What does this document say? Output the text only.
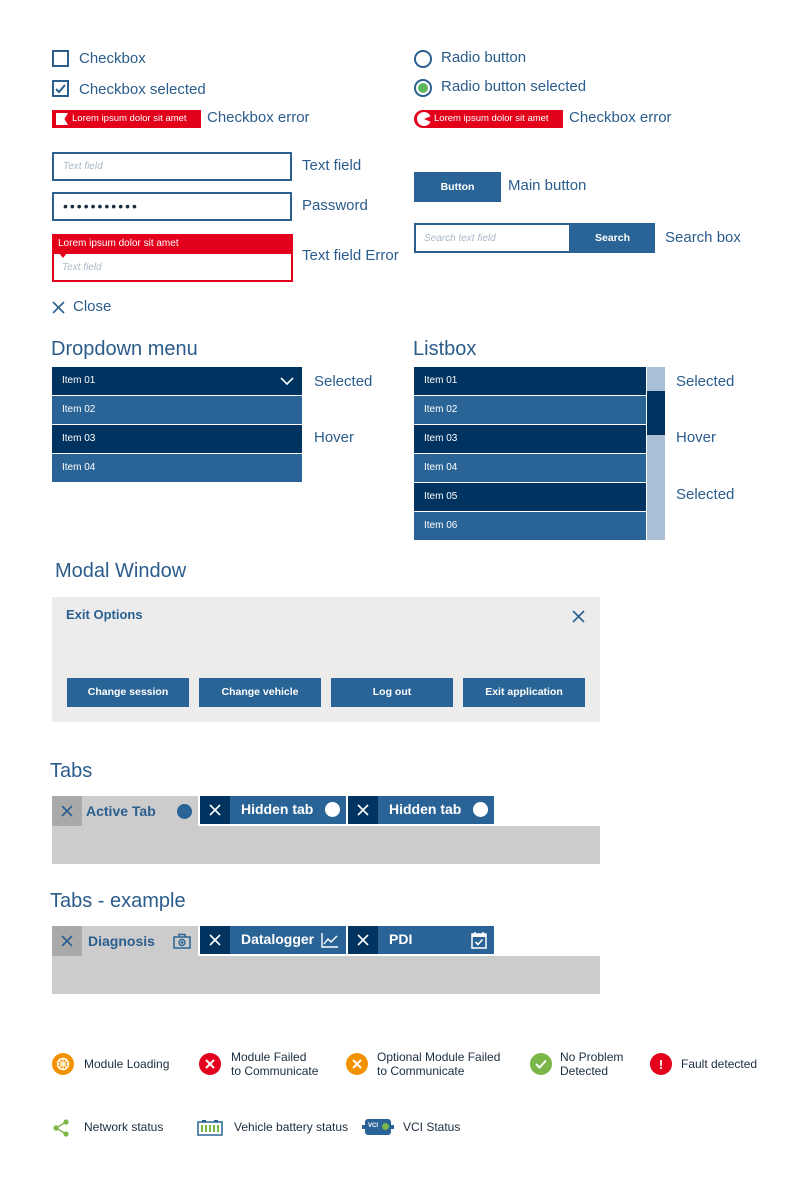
Checkbox
Checkbox selected
Lorem ipsum dolor sit amet Checkbox error
Radio button
Radio button selected
Lorem ipsum dolor sit amet Checkbox error
Text field	Text field
•••••••••••	Password
Lorem ipsum dolor sit amet
Text field
Text field Error
Close
Button	Main button
Search text field	Search	Search box
Dropdown menu
Item 01
Item 02
Item 03
Item 04
Selected
Hover
Listbox
Item 01
Item 02
Item 03
Item 04
Item 05
Item 06
Selected
Hover
Selected
Modal Window
Exit Options
Change session	Change vehicle	Log out	Exit application
Tabs
Active Tab	Hidden tab	Hidden tab
Tabs - example
Diagnosis	Datalogger	PDI
Module Loading	Module Failed
to Communicate
Optional Module Failed
to Communicate
No Problem
Detected	!	Fault detected
Network status	Vehicle battery status	VCI VCI Status
